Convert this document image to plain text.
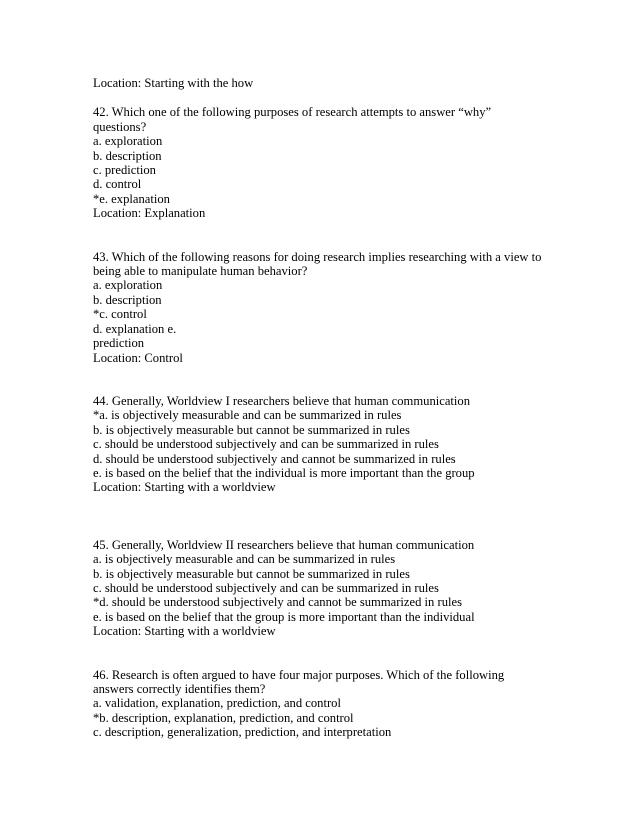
Location: Starting with the how
42. Which one of the following purposes of research attempts to answer “why”
questions?
a. exploration
b. description
c. prediction
d. control
*e. explanation
Location: Explanation
43. Which of the following reasons for doing research implies researching with a view to
being able to manipulate human behavior?
a. exploration
b. description
*c. control
d. explanation e.
prediction
Location: Control
44. Generally, Worldview I researchers believe that human communication
*a. is objectively measurable and can be summarized in rules
b. is objectively measurable but cannot be summarized in rules
c. should be understood subjectively and can be summarized in rules
d. should be understood subjectively and cannot be summarized in rules
e. is based on the belief that the individual is more important than the group
Location: Starting with a worldview
45. Generally, Worldview II researchers believe that human communication
a. is objectively measurable and can be summarized in rules
b. is objectively measurable but cannot be summarized in rules
c. should be understood subjectively and can be summarized in rules
*d. should be understood subjectively and cannot be summarized in rules
e. is based on the belief that the group is more important than the individual
Location: Starting with a worldview
46. Research is often argued to have four major purposes. Which of the following
answers correctly identifies them?
a. validation, explanation, prediction, and control
*b. description, explanation, prediction, and control
c. description, generalization, prediction, and interpretation
